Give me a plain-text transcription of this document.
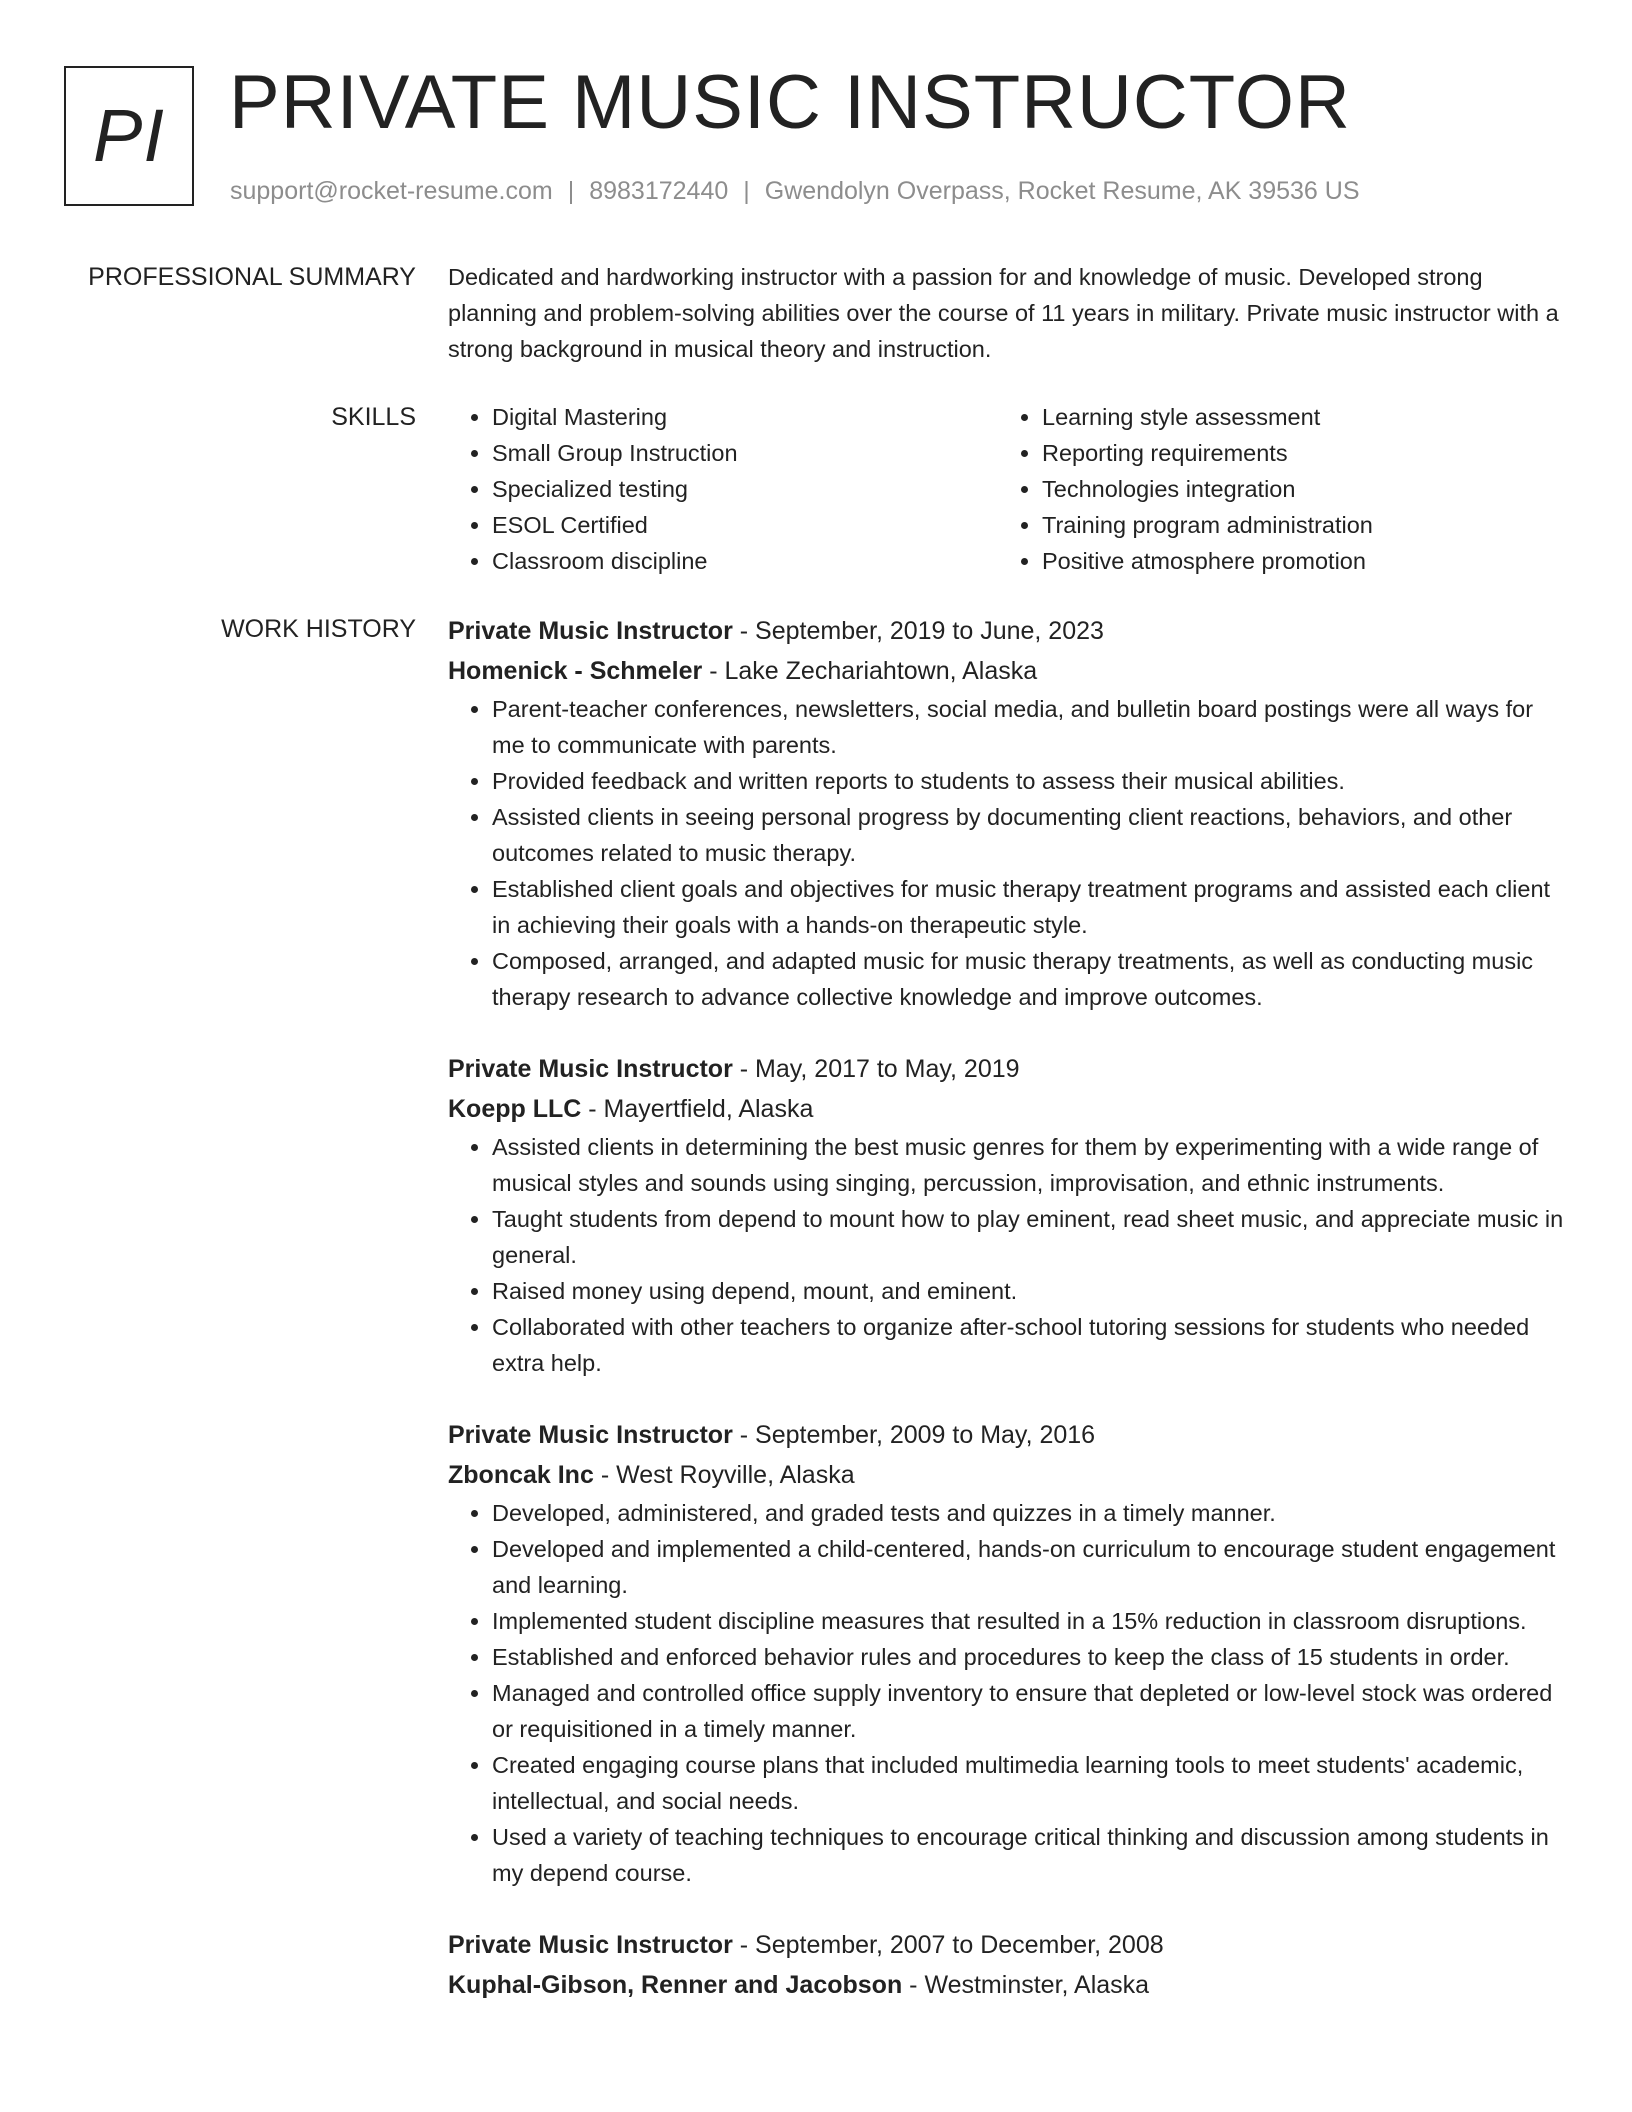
PI PRIVATE MUSIC INSTRUCTOR
support@rocket-resume.com | 8983172440 | Gwendolyn Overpass, Rocket Resume, AK 39536 US
PROFESSIONAL SUMMARY Dedicated and hardworking instructor with a passion for and knowledge of music. Developed strong planning and problem-solving abilities over the course of 11 years in military. Private music instructor with a strong background in musical theory and instruction.

SKILLS
•	Digital Mastering
• Small Group Instruction
• Specialized testing
• ESOL Certified
• Classroom discipline
• Learning style assessment
• Reporting requirements
• Technologies integration
• Training program administration
• Positive atmosphere promotion
WORK HISTORY Private Music Instructor - September, 2019 to June, 2023
Homenick - Schmeler - Lake Zechariahtown, Alaska
• Parent-teacher conferences, newsletters, social media, and bulletin board postings were all ways for me to communicate with parents.
• Provided feedback and written reports to students to assess their musical abilities.
• Assisted clients in seeing personal progress by documenting client reactions, behaviors, and other outcomes related to music therapy.
• Established client goals and objectives for music therapy treatment programs and assisted each client in achieving their goals with a hands-on therapeutic style.
• Composed, arranged, and adapted music for music therapy treatments, as well as conducting music therapy research to advance collective knowledge and improve outcomes.
Private Music Instructor - May, 2017 to May, 2019
Koepp LLC - Mayertfield, Alaska
• Assisted clients in determining the best music genres for them by experimenting with a wide range of musical styles and sounds using singing, percussion, improvisation, and ethnic instruments.
• Taught students from depend to mount how to play eminent, read sheet music, and appreciate music in general.
• Raised money using depend, mount, and eminent.
• Collaborated with other teachers to organize after-school tutoring sessions for students who needed extra help.
Private Music Instructor - September, 2009 to May, 2016
Zboncak Inc - West Royville, Alaska
• Developed, administered, and graded tests and quizzes in a timely manner.
• Developed and implemented a child-centered, hands-on curriculum to encourage student engagement and learning.
• Implemented student discipline measures that resulted in a 15% reduction in classroom disruptions.
• Established and enforced behavior rules and procedures to keep the class of 15 students in order.
• Managed and controlled office supply inventory to ensure that depleted or low-level stock was ordered or requisitioned in a timely manner.
• Created engaging course plans that included multimedia learning tools to meet students' academic, intellectual, and social needs.
• Used a variety of teaching techniques to encourage critical thinking and discussion among students in my depend course.
Private Music Instructor - September, 2007 to December, 2008
Kuphal-Gibson, Renner and Jacobson - Westminster, Alaska
